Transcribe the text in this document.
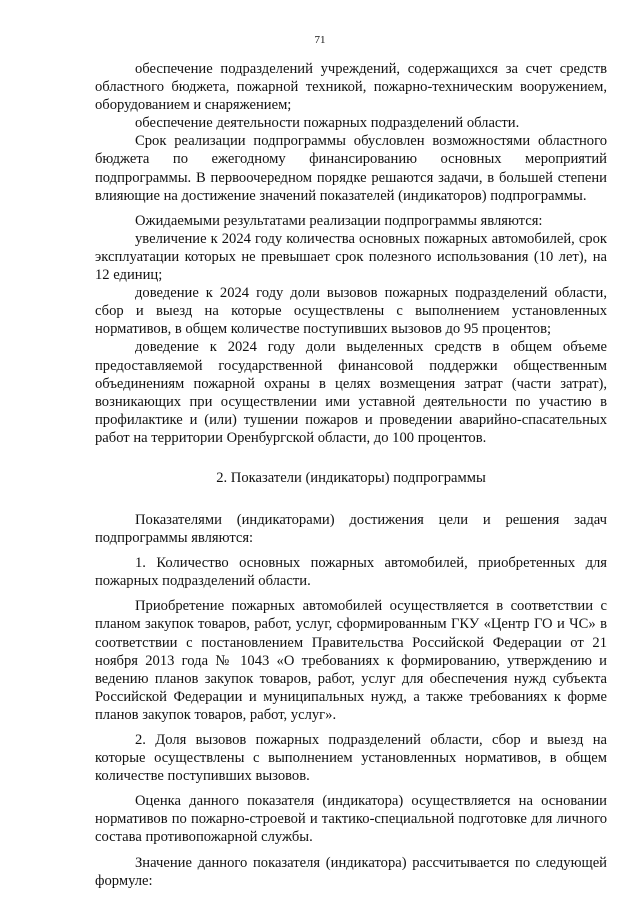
71

обеспечение подразделений учреждений, содержащихся за счет средств областного бюджета, пожарной техникой, пожарно-техническим вооружением, оборудованием и снаряжением;

обеспечение деятельности пожарных подразделений области.

Срок реализации подпрограммы обусловлен возможностями областного бюджета по ежегодному финансированию основных мероприятий подпрограммы. В первоочередном порядке решаются задачи, в большей степени влияющие на достижение значений показателей (индикаторов) подпрограммы.

Ожидаемыми результатами реализации подпрограммы являются:

увеличение к 2024 году количества основных пожарных автомобилей, срок эксплуатации которых не превышает срок полезного использования (10 лет), на 12 единиц;

доведение к 2024 году доли вызовов пожарных подразделений области, сбор и выезд на которые осуществлены с выполнением установленных нормативов, в общем количестве поступивших вызовов до 95 процентов;

доведение к 2024 году доли выделенных средств в общем объеме предоставляемой государственной финансовой поддержки общественным объединениям пожарной охраны в целях возмещения затрат (части затрат), возникающих при осуществлении ими уставной деятельности по участию в профилактике и (или) тушении пожаров и проведении аварийно-спасательных работ на территории Оренбургской области, до 100 процентов.

2. Показатели (индикаторы) подпрограммы

Показателями (индикаторами) достижения цели и решения задач подпрограммы являются:

1. Количество основных пожарных автомобилей, приобретенных для пожарных подразделений области.

Приобретение пожарных автомобилей осуществляется в соответствии с планом закупок товаров, работ, услуг, сформированным ГКУ «Центр ГО и ЧС» в соответствии с постановлением Правительства Российской Федерации от 21 ноября 2013 года № 1043 «О требованиях к формированию, утверждению и ведению планов закупок товаров, работ, услуг для обеспечения нужд субъекта Российской Федерации и муниципальных нужд, а также требованиях к форме планов закупок товаров, работ, услуг».

2. Доля вызовов пожарных подразделений области, сбор и выезд на которые осуществлены с выполнением установленных нормативов, в общем количестве поступивших вызовов.

Оценка данного показателя (индикатора) осуществляется на основании нормативов по пожарно-строевой и тактико-специальной подготовке для личного состава противопожарной службы.

Значение данного показателя (индикатора) рассчитывается по следующей формуле:
